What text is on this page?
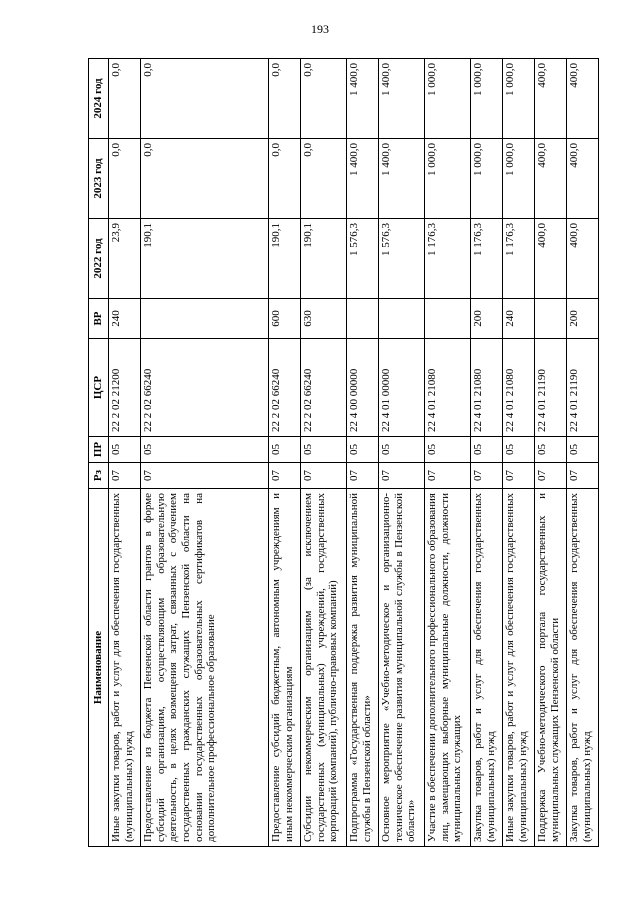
193
Наименование	Рз	ПР	ЦСР	ВР	2022 год	2023 год	2024 год
Иные закупки товаров, работ и услуг для обеспечения государственных (муниципальных) нужд	07	05	22 2 02 21200	240	23,9	0,0	0,0
Предоставление из бюджета Пензенской области грантов в форме субсидий организациям, осуществляющим образовательную деятельность, в целях возмещения затрат, связанных с обучением государственных гражданских служащих Пензенской области на основании государственных образовательных сертификатов на дополнительное профессиональное образование	07	05	22 2 02 66240		190,1	0,0	0,0
Предоставление субсидий бюджетным, автономным учреждениям и иным некоммерческим организациям	07	05	22 2 02 66240	600	190,1	0,0	0,0
Субсидии некоммерческим организациям (за исключением государственных (муниципальных) учреждений, государственных корпораций (компаний), публично-правовых компаний)	07	05	22 2 02 66240	630	190,1	0,0	0,0
Подпрограмма «Государственная поддержка развития муниципальной службы в Пензенской области»	07	05	22 4 00 00000		1 576,3	1 400,0	1 400,0
Основное мероприятие «Учебно-методическое и организационно-техническое обеспечение развития муниципальной службы в Пензенской области»	07	05	22 4 01 00000		1 576,3	1 400,0	1 400,0
Участие в обеспечении дополнительного профессионального образования лиц, замещающих выборные муниципальные должности, должности муниципальных служащих	07	05	22 4 01 21080		1 176,3	1 000,0	1 000,0
Закупка товаров, работ и услуг для обеспечения государственных (муниципальных) нужд	07	05	22 4 01 21080	200	1 176,3	1 000,0	1 000,0
Иные закупки товаров, работ и услуг для обеспечения государственных (муниципальных) нужд	07	05	22 4 01 21080	240	1 176,3	1 000,0	1 000,0
Поддержка Учебно-методического портала государственных и муниципальных служащих Пензенской области	07	05	22 4 01 21190		400,0	400,0	400,0
Закупка товаров, работ и услуг для обеспечения государственных (муниципальных) нужд	07	05	22 4 01 21190	200	400,0	400,0	400,0
